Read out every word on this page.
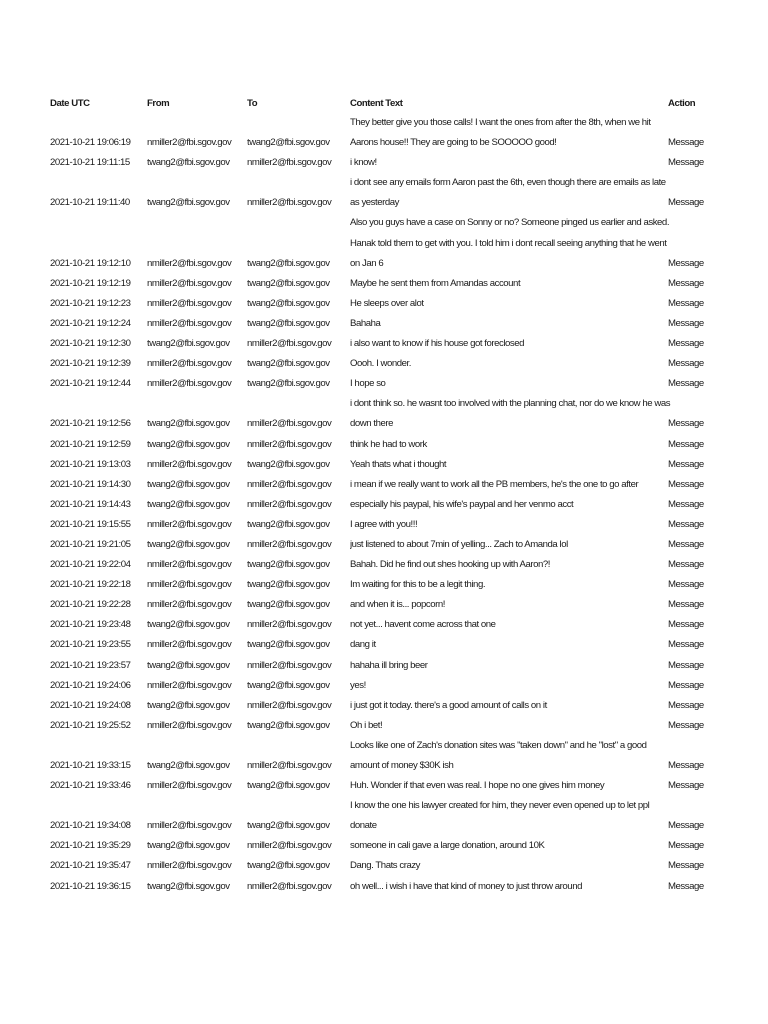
Date UTC	From	To	Content Text	Action
They better give you those calls! I want the ones from after the 8th, when we hit
2021-10-21 19:06:19	nmiller2@fbi.sgov.gov	twang2@fbi.sgov.gov	Aarons house!! They are going to be SOOOOO good!	Message
2021-10-21 19:11:15	twang2@fbi.sgov.gov	nmiller2@fbi.sgov.gov	i know!	Message
i dont see any emails form Aaron past the 6th, even though there are emails as late
2021-10-21 19:11:40	twang2@fbi.sgov.gov	nmiller2@fbi.sgov.gov	as yesterday	Message
Also you guys have a case on Sonny or no? Someone pinged us earlier and asked.
Hanak told them to get with you. I told him i dont recall seeing anything that he went
2021-10-21 19:12:10	nmiller2@fbi.sgov.gov	twang2@fbi.sgov.gov	on Jan 6	Message
2021-10-21 19:12:19	nmiller2@fbi.sgov.gov	twang2@fbi.sgov.gov	Maybe he sent them from Amandas account	Message
2021-10-21 19:12:23	nmiller2@fbi.sgov.gov	twang2@fbi.sgov.gov	He sleeps over alot	Message
2021-10-21 19:12:24	nmiller2@fbi.sgov.gov	twang2@fbi.sgov.gov	Bahaha	Message
2021-10-21 19:12:30	twang2@fbi.sgov.gov	nmiller2@fbi.sgov.gov	i also want to know if his house got foreclosed	Message
2021-10-21 19:12:39	nmiller2@fbi.sgov.gov	twang2@fbi.sgov.gov	Oooh. I wonder.	Message
2021-10-21 19:12:44	nmiller2@fbi.sgov.gov	twang2@fbi.sgov.gov	I hope so	Message
i dont think so. he wasnt too involved with the planning chat, nor do we know he was
2021-10-21 19:12:56	twang2@fbi.sgov.gov	nmiller2@fbi.sgov.gov	down there	Message
2021-10-21 19:12:59	twang2@fbi.sgov.gov	nmiller2@fbi.sgov.gov	think he had to work	Message
2021-10-21 19:13:03	nmiller2@fbi.sgov.gov	twang2@fbi.sgov.gov	Yeah thats what i thought	Message
2021-10-21 19:14:30	twang2@fbi.sgov.gov	nmiller2@fbi.sgov.gov	i mean if we really want to work all the PB members, he's the one to go after	Message
2021-10-21 19:14:43	twang2@fbi.sgov.gov	nmiller2@fbi.sgov.gov	especially his paypal, his wife's paypal and her venmo acct	Message
2021-10-21 19:15:55	nmiller2@fbi.sgov.gov	twang2@fbi.sgov.gov	I agree with you!!!	Message
2021-10-21 19:21:05	twang2@fbi.sgov.gov	nmiller2@fbi.sgov.gov	just listened to about 7min of yelling... Zach to Amanda lol	Message
2021-10-21 19:22:04	nmiller2@fbi.sgov.gov	twang2@fbi.sgov.gov	Bahah. Did he find out shes hooking up with Aaron?!	Message
2021-10-21 19:22:18	nmiller2@fbi.sgov.gov	twang2@fbi.sgov.gov	Im waiting for this to be a legit thing.	Message
2021-10-21 19:22:28	nmiller2@fbi.sgov.gov	twang2@fbi.sgov.gov	and when it is... popcorn!	Message
2021-10-21 19:23:48	twang2@fbi.sgov.gov	nmiller2@fbi.sgov.gov	not yet... havent come across that one	Message
2021-10-21 19:23:55	nmiller2@fbi.sgov.gov	twang2@fbi.sgov.gov	dang it	Message
2021-10-21 19:23:57	twang2@fbi.sgov.gov	nmiller2@fbi.sgov.gov	hahaha ill bring beer	Message
2021-10-21 19:24:06	nmiller2@fbi.sgov.gov	twang2@fbi.sgov.gov	yes!	Message
2021-10-21 19:24:08	twang2@fbi.sgov.gov	nmiller2@fbi.sgov.gov	i just got it today. there's a good amount of calls on it	Message
2021-10-21 19:25:52	nmiller2@fbi.sgov.gov	twang2@fbi.sgov.gov	Oh i bet!	Message
Looks like one of Zach's donation sites was "taken down" and he "lost" a good
2021-10-21 19:33:15	twang2@fbi.sgov.gov	nmiller2@fbi.sgov.gov	amount of money $30K ish	Message
2021-10-21 19:33:46	nmiller2@fbi.sgov.gov	twang2@fbi.sgov.gov	Huh. Wonder if that even was real. I hope no one gives him money	Message
I know the one his lawyer created for him, they never even opened up to let ppl
2021-10-21 19:34:08	nmiller2@fbi.sgov.gov	twang2@fbi.sgov.gov	donate	Message
2021-10-21 19:35:29	twang2@fbi.sgov.gov	nmiller2@fbi.sgov.gov	someone in cali gave a large donation, around 10K	Message
2021-10-21 19:35:47	nmiller2@fbi.sgov.gov	twang2@fbi.sgov.gov	Dang. Thats crazy	Message
2021-10-21 19:36:15	twang2@fbi.sgov.gov	nmiller2@fbi.sgov.gov	oh well... i wish i have that kind of money to just throw around	Message
